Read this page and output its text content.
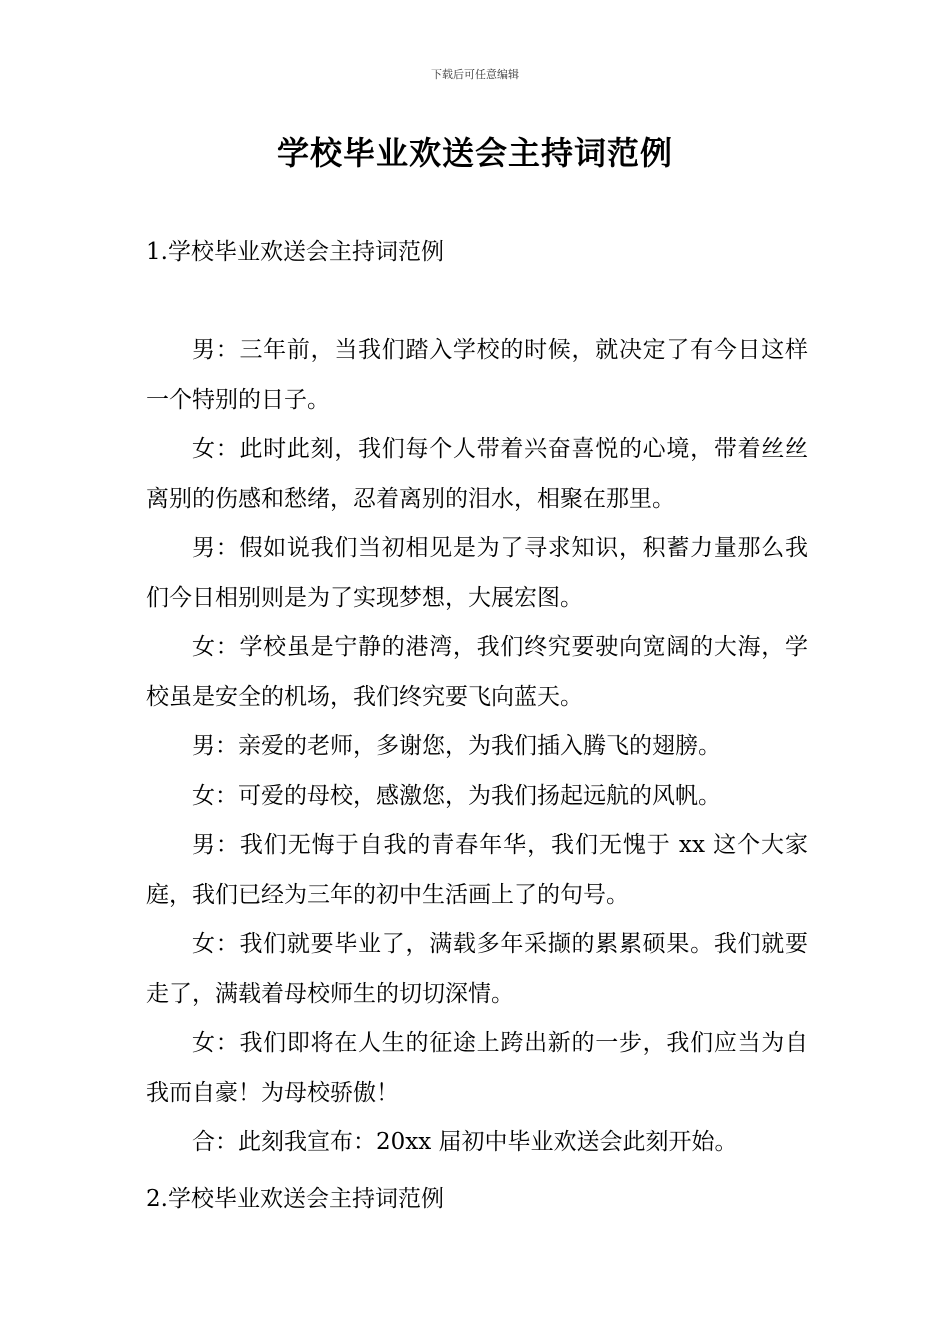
下载后可任意编辑
学校毕业欢送会主持词范例
1.学校毕业欢送会主持词范例

男：三年前，当我们踏入学校的时候，就决定了有今日这样一个特别的日子。

女：此时此刻，我们每个人带着兴奋喜悦的心境，带着丝丝离别的伤感和愁绪，忍着离别的泪水，相聚在那里。

男：假如说我们当初相见是为了寻求知识，积蓄力量那么我们今日相别则是为了实现梦想，大展宏图。

女：学校虽是宁静的港湾，我们终究要驶向宽阔的大海，学校虽是安全的机场，我们终究要飞向蓝天。

男：亲爱的老师，多谢您，为我们插入腾飞的翅膀。

女：可爱的母校，感激您，为我们扬起远航的风帆。

男：我们无悔于自我的青春年华，我们无愧于 xx 这个大家庭，我们已经为三年的初中生活画上了的句号。

女：我们就要毕业了，满载多年采撷的累累硕果。我们就要走了，满载着母校师生的切切深情。

女：我们即将在人生的征途上跨出新的一步，我们应当为自我而自豪！为母校骄傲！

合：此刻我宣布：20xx 届初中毕业欢送会此刻开始。

2.学校毕业欢送会主持词范例
